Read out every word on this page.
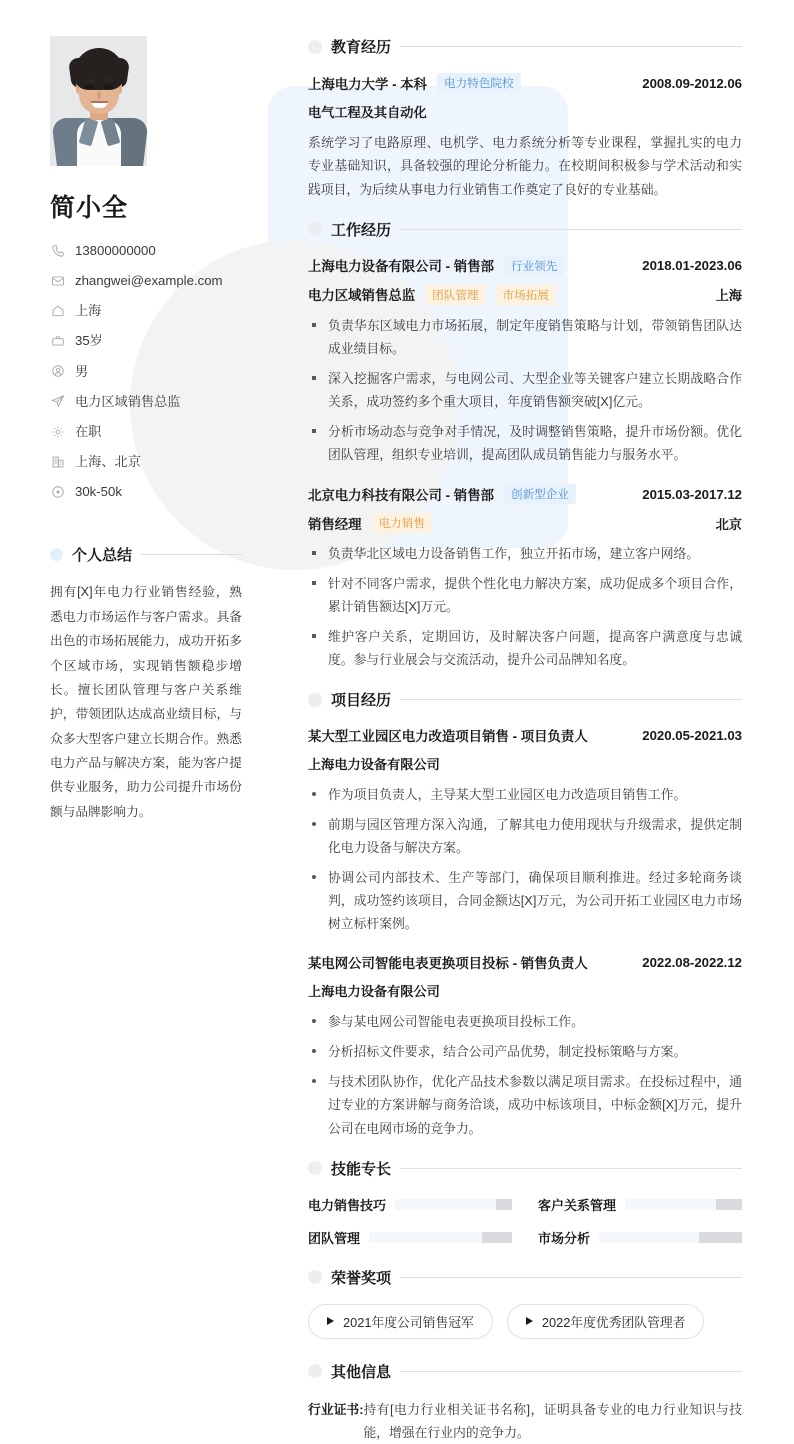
简小全
13800000000
zhangwei@example.com
上海
35岁
男
电力区域销售总监
在职
上海、北京
30k-50k
个人总结

拥有[X]年电力行业销售经验，熟悉电力市场运作与客户需求。具备出色的市场拓展能力，成功开拓多个区域市场，实现销售额稳步增长。擅长团队管理与客户关系维护，带领团队达成高业绩目标，与众多大型客户建立长期合作。熟悉电力产品与解决方案，能为客户提供专业服务，助力公司提升市场份额与品牌影响力。

教育经历
上海电力大学 - 本科	电力特色院校	2008.09-2012.06
电气工程及其自动化

系统学习了电路原理、电机学、电力系统分析等专业课程，掌握扎实的电力专业基础知识，具备较强的理论分析能力。在校期间积极参与学术活动和实践项目，为后续从事电力行业销售工作奠定了良好的专业基础。

工作经历
上海电力设备有限公司 - 销售部	行业领先	2018.01-2023.06
电力区域销售总监	团队管理	市场拓展	上海
负责华东区域电力市场拓展，制定年度销售策略与计划，带领销售团队达成业绩目标。
深入挖掘客户需求，与电网公司、大型企业等关键客户建立长期战略合作关系，成功签约多个重大项目，年度销售额突破[X]亿元。
分析市场动态与竞争对手情况，及时调整销售策略，提升市场份额。优化团队管理，组织专业培训，提高团队成员销售能力与服务水平。
北京电力科技有限公司 - 销售部	创新型企业	2015.03-2017.12
销售经理	电力销售	北京
负责华北区域电力设备销售工作，独立开拓市场，建立客户网络。
针对不同客户需求，提供个性化电力解决方案，成功促成多个项目合作，累计销售额达[X]万元。
维护客户关系，定期回访，及时解决客户问题，提高客户满意度与忠诚度。参与行业展会与交流活动，提升公司品牌知名度。
项目经历
某大型工业园区电力改造项目销售 - 项目负责人	2020.05-2021.03
上海电力设备有限公司
作为项目负责人，主导某大型工业园区电力改造项目销售工作。
前期与园区管理方深入沟通，了解其电力使用现状与升级需求，提供定制化电力设备与解决方案。
协调公司内部技术、生产等部门，确保项目顺利推进。经过多轮商务谈判，成功签约该项目，合同金额达[X]万元，为公司开拓工业园区电力市场树立标杆案例。
某电网公司智能电表更换项目投标 - 销售负责人	2022.08-2022.12
上海电力设备有限公司
参与某电网公司智能电表更换项目投标工作。
分析招标文件要求，结合公司产品优势，制定投标策略与方案。
与技术团队协作，优化产品技术参数以满足项目需求。在投标过程中，通过专业的方案讲解与商务洽谈，成功中标该项目，中标金额[X]万元，提升公司在电网市场的竞争力。
技能专长
电力销售技巧	客户关系管理
团队管理	市场分析
荣誉奖项
2021年度公司销售冠军	2022年度优秀团队管理者
其他信息
行业证书: 持有[电力行业相关证书名称]，证明具备专业的电力行业知识与技能，增强在行业内的竞争力。
